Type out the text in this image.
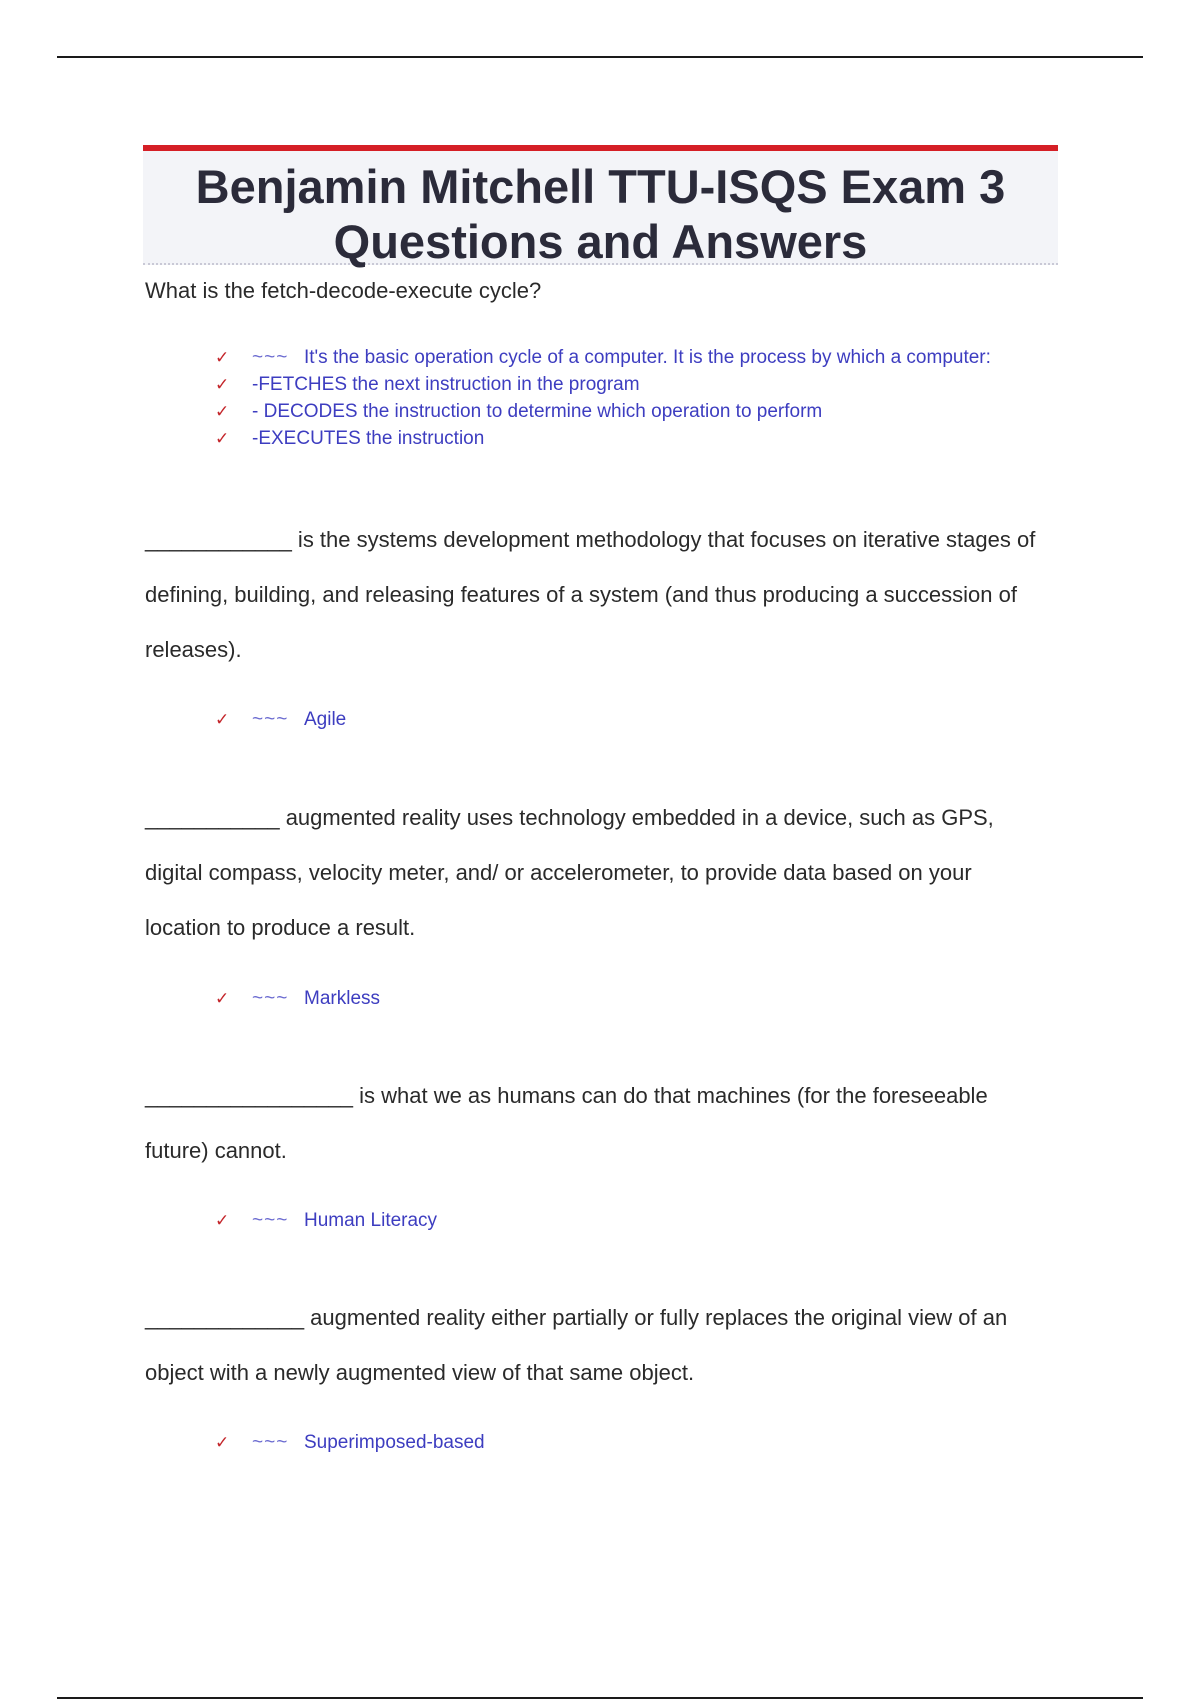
Benjamin Mitchell TTU-ISQS Exam 3 Questions and Answers
What is the fetch-decode-execute cycle?
✓	~~~ It's the basic operation cycle of a computer. It is the process by which a computer:
✓	-FETCHES the next instruction in the program
✓	- DECODES the instruction to determine which operation to perform
✓	-EXECUTES the instruction
____________ is the systems development methodology that focuses on iterative stages of defining, building, and releasing features of a system (and thus producing a succession of releases).
✓	~~~ Agile
___________ augmented reality uses technology embedded in a device, such as GPS, digital compass, velocity meter, and/ or accelerometer, to provide data based on your location to produce a result.
✓	~~~ Markless
_________________ is what we as humans can do that machines (for the foreseeable future) cannot.
✓	~~~ Human Literacy
_____________ augmented reality either partially or fully replaces the original view of an object with a newly augmented view of that same object.
✓	~~~ Superimposed-based
